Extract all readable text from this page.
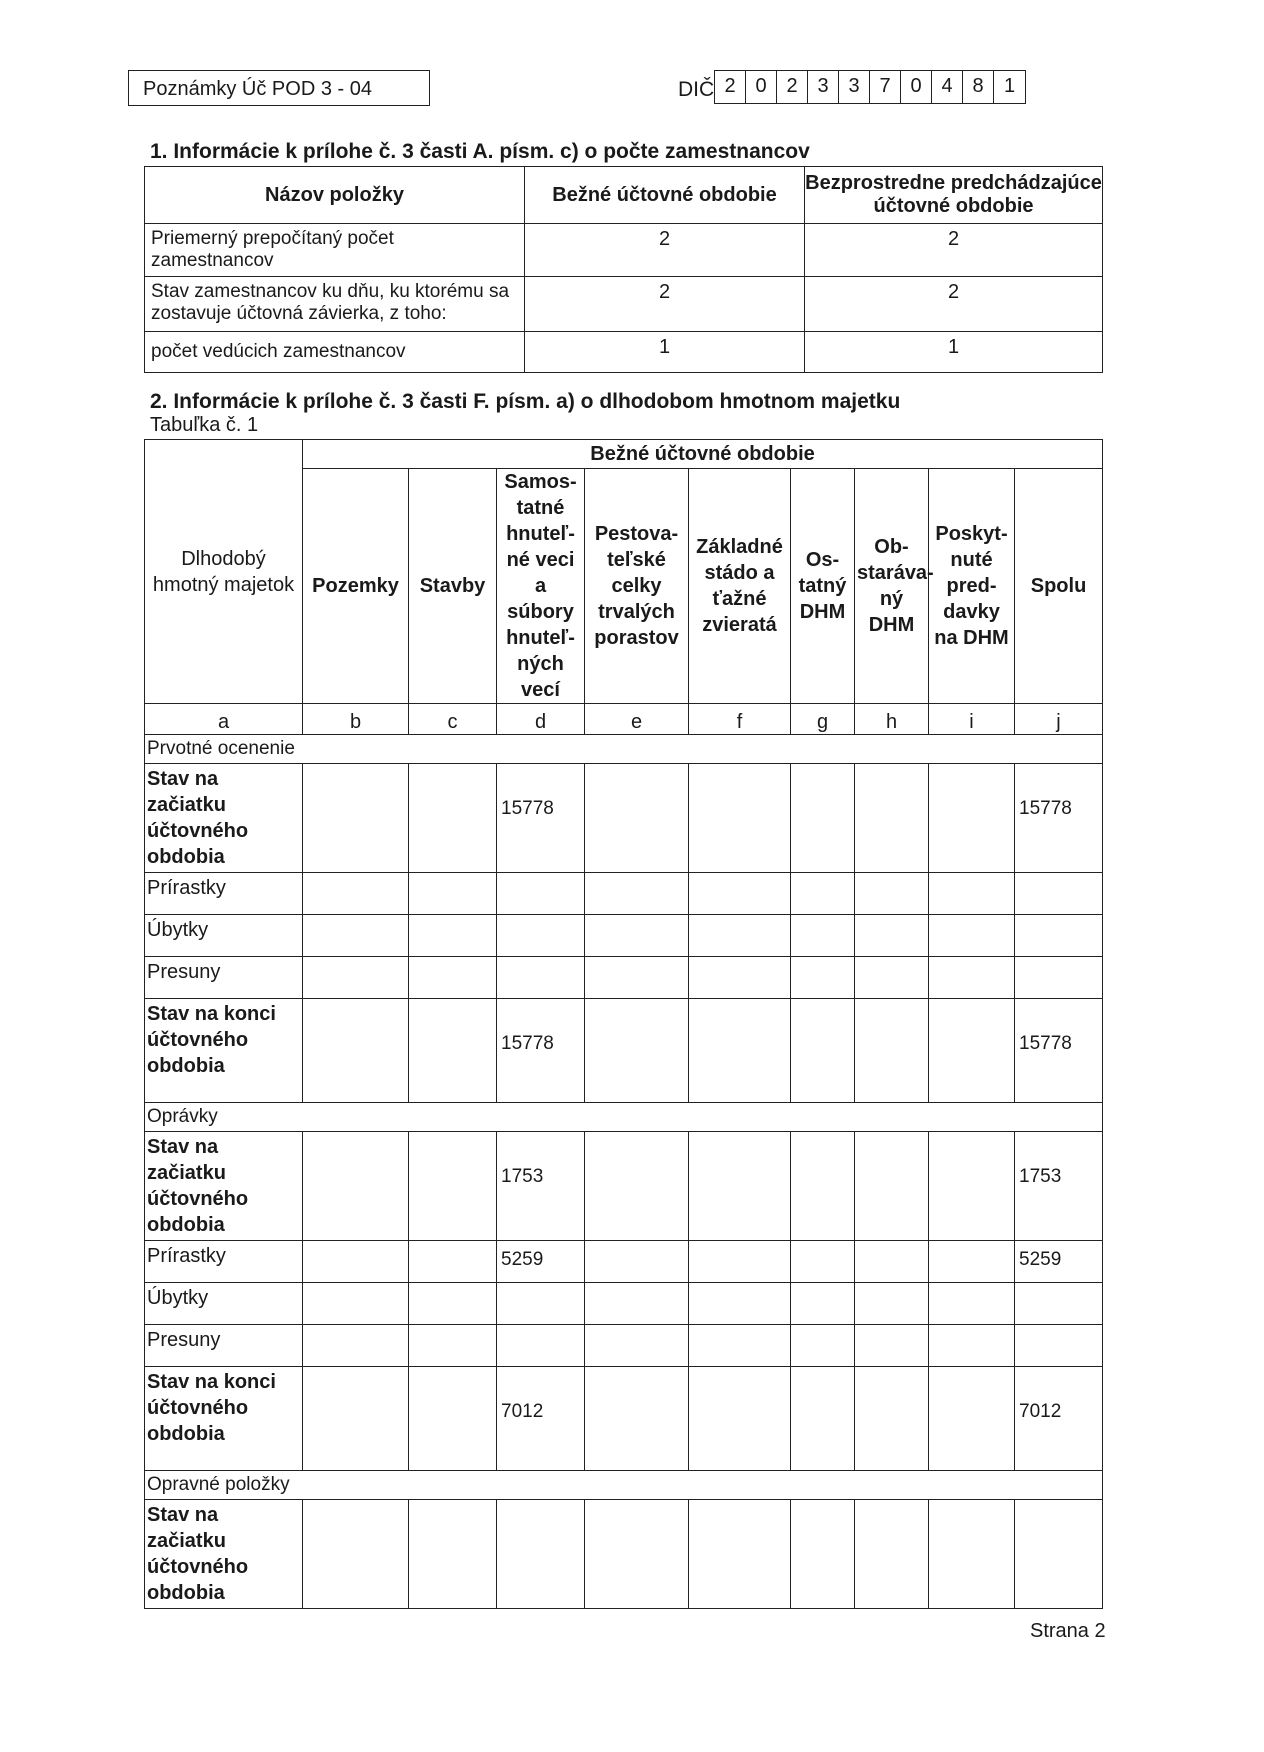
Poznámky Úč POD 3 - 04	DIČ 2 0 2 3 3 7 0 4 8	1
1. Informácie k prílohe č. 3 časti A. písm. c) o počte zamestnancov
Názov položky	Bežné účtovné obdobie	Bezprostredne predchádzajúce účtovné obdobie
Priemerný prepočítaný počet zamestnancov	2	2
Stav zamestnancov ku dňu, ku ktorému sa zostavuje účtovná závierka, z toho:	2	2
počet vedúcich zamestnancov	1	1
2. Informácie k prílohe č. 3 časti F. písm. a) o dlhodobom hmotnom majetku
Tabuľka č. 1
Dlhodobý hmotný majetok	Bežné účtovné obdobie								
	Pozemky	Stavby	Samos-tatné hnuteľ-né veci a súbory hnuteľ-ných vecí	Pestova-teľské celky trvalých porastov	Základné stádo a ťažné zvieratá	Os-tatný DHM	Ob-staráva-ný DHM	Poskyt-nuté pred-davky na DHM	Spolu
a	b	c	d	e	f	g	h	i	j
Prvotné ocenenie									
Stav na začiatku účtovného obdobia			15778						15778
Prírastky									
Úbytky									
Presuny									
Stav na konci účtovného obdobia			15778						15778
Oprávky									
Stav na začiatku účtovného obdobia			1753						1753
Prírastky			5259						5259
Úbytky									
Presuny									
Stav na konci účtovného obdobia			7012						7012
Opravné položky									
Stav na začiatku účtovného obdobia									
Strana 2
